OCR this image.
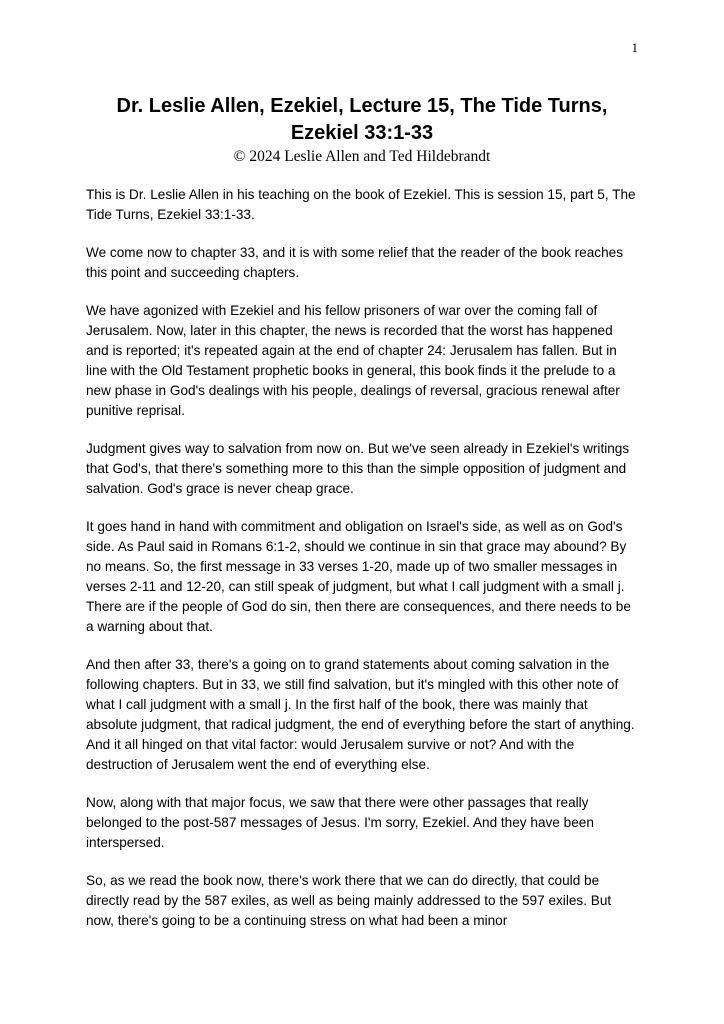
1
Dr. Leslie Allen, Ezekiel, Lecture 15, The Tide Turns, Ezekiel 33:1-33

© 2024 Leslie Allen and Ted Hildebrandt

This is Dr. Leslie Allen in his teaching on the book of Ezekiel. This is session 15, part 5, The Tide Turns, Ezekiel 33:1-33.

We come now to chapter 33, and it is with some relief that the reader of the book reaches this point and succeeding chapters.

We have agonized with Ezekiel and his fellow prisoners of war over the coming fall of Jerusalem. Now, later in this chapter, the news is recorded that the worst has happened and is reported; it's repeated again at the end of chapter 24: Jerusalem has fallen. But in line with the Old Testament prophetic books in general, this book finds it the prelude to a new phase in God's dealings with his people, dealings of reversal, gracious renewal after punitive reprisal.

Judgment gives way to salvation from now on. But we've seen already in Ezekiel's writings that God's, that there's something more to this than the simple opposition of judgment and salvation. God's grace is never cheap grace.

It goes hand in hand with commitment and obligation on Israel's side, as well as on God's side. As Paul said in Romans 6:1-2, should we continue in sin that grace may abound? By no means. So, the first message in 33 verses 1-20, made up of two smaller messages in verses 2-11 and 12-20, can still speak of judgment, but what I call judgment with a small j. There are if the people of God do sin, then there are consequences, and there needs to be a warning about that.

And then after 33, there's a going on to grand statements about coming salvation in the following chapters. But in 33, we still find salvation, but it's mingled with this other note of what I call judgment with a small j. In the first half of the book, there was mainly that absolute judgment, that radical judgment, the end of everything before the start of anything. And it all hinged on that vital factor: would Jerusalem survive or not? And with the destruction of Jerusalem went the end of everything else.

Now, along with that major focus, we saw that there were other passages that really belonged to the post-587 messages of Jesus. I'm sorry, Ezekiel. And they have been interspersed.

So, as we read the book now, there's work there that we can do directly, that could be directly read by the 587 exiles, as well as being mainly addressed to the 597 exiles. But now, there's going to be a continuing stress on what had been a minor
